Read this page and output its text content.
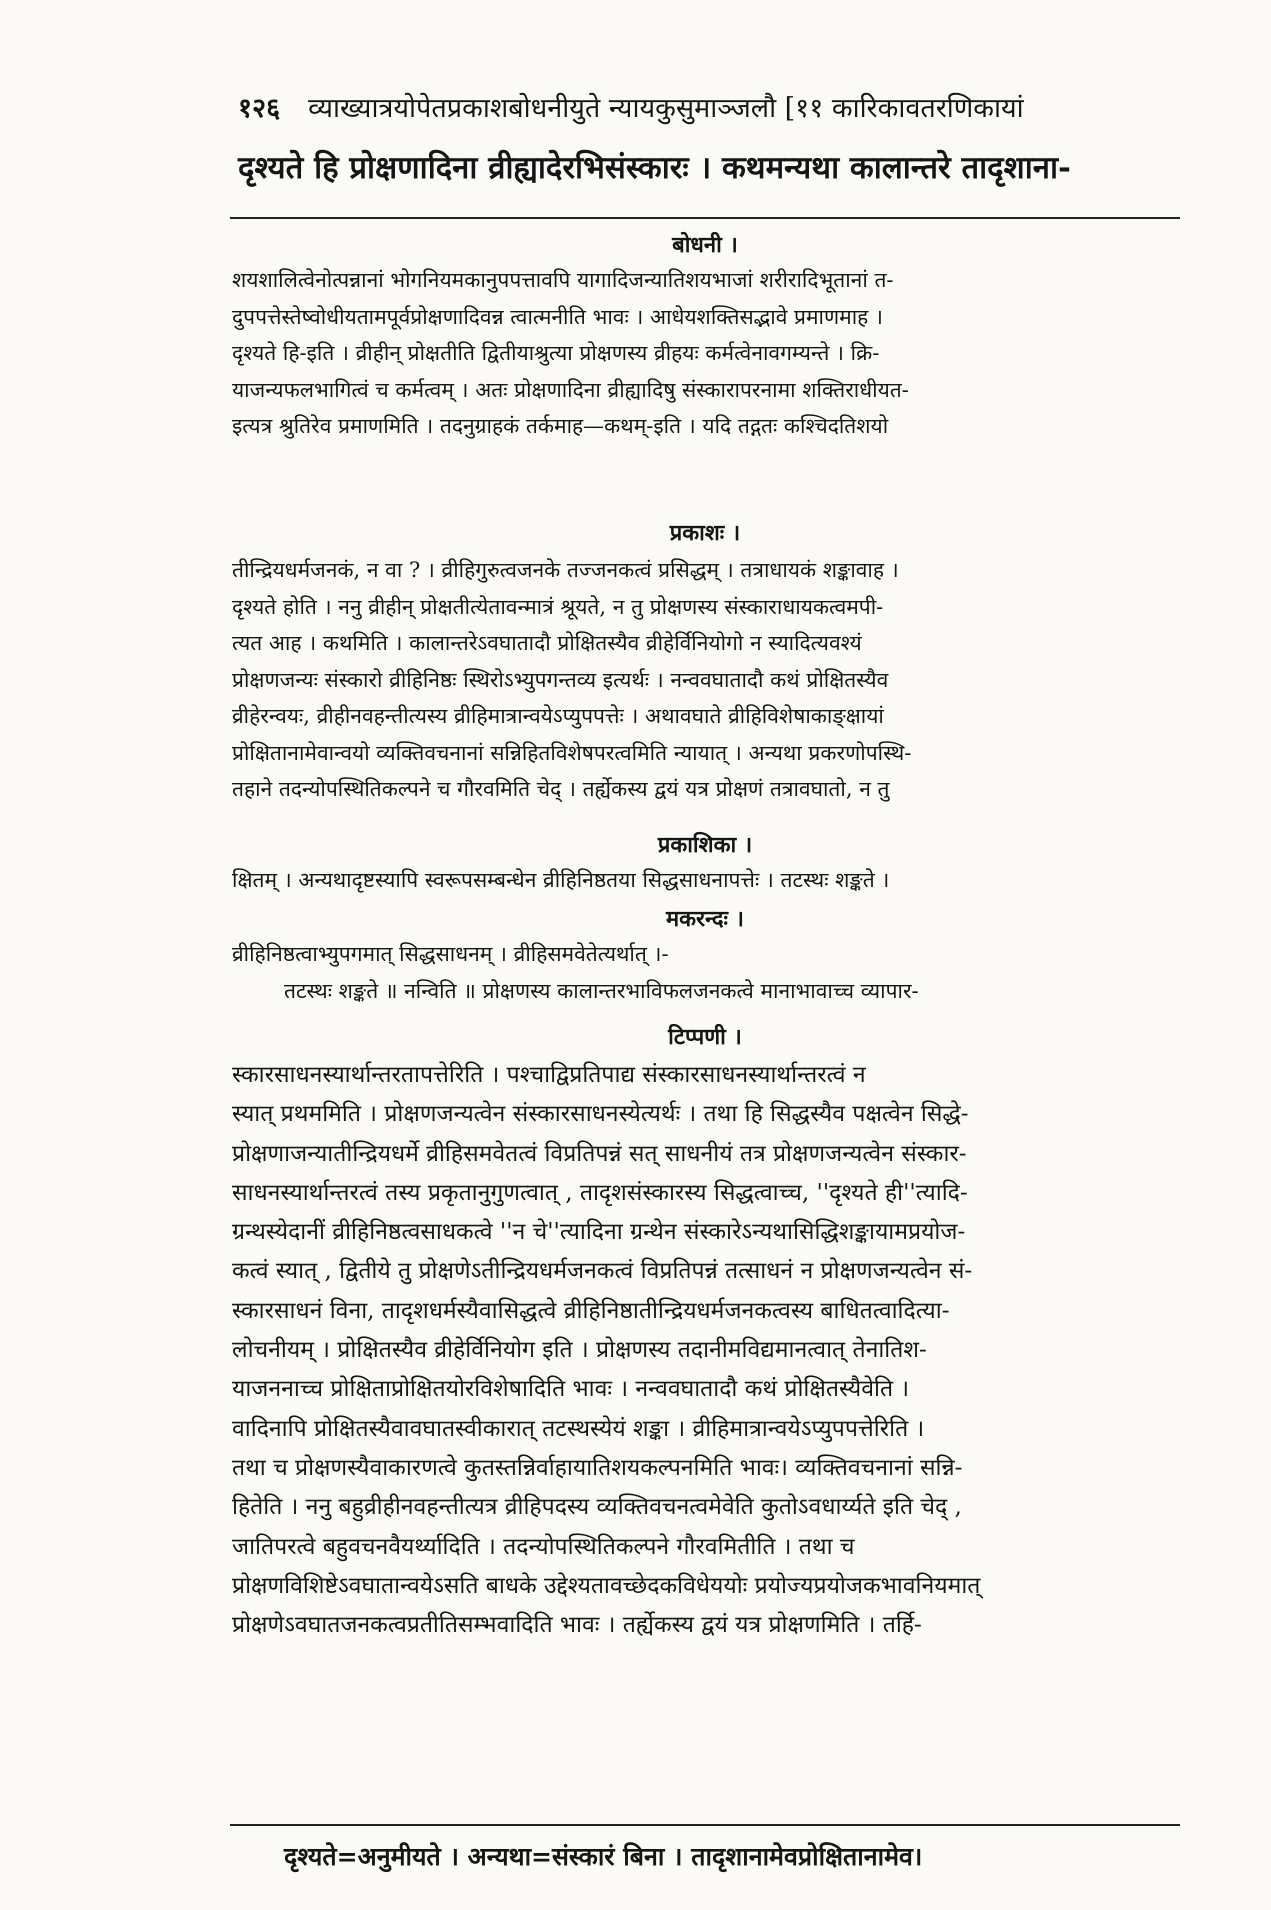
१२६ व्याख्यात्रयोपेतप्रकाशबोधनीयुते न्यायकुसुमाञ्जलौ [११ कारिकावतरणिकायां
दृश्यते हि प्रोक्षणादिना व्रीह्यादेरभिसंस्कारः । कथमन्यथा कालान्तरे तादृशाना-
बोधनी ।
शयशालित्वेनोत्पन्नानां भोगनियमकानुपपत्तावपि यागादिजन्यातिशयभाजां शरीरादिभूतानां त-
दुपपत्तेस्तेष्वोधीयतामपूर्वप्रोक्षणादिवन्न त्वात्मनीति भावः । आधेयशक्तिसद्भावे प्रमाणमाह ।
दृश्यते हि-इति । व्रीहीन् प्रोक्षतीति द्वितीयाश्रुत्या प्रोक्षणस्य व्रीहयः कर्मत्वेनावगम्यन्ते । क्रि-
याजन्यफलभागित्वं च कर्मत्वम् । अतः प्रोक्षणादिना व्रीह्यादिषु संस्कारापरनामा शक्तिराधीयत-
इत्यत्र श्रुतिरेव प्रमाणमिति । तदनुग्राहकं तर्कमाह—कथम्-इति । यदि तद्गतः कश्चिदतिशयो
प्रकाशः ।
तीन्द्रियधर्मजनकं, न वा ? । व्रीहिगुरुत्वजनके तज्जनकत्वं प्रसिद्धम् । तत्राधायकं शङ्कावाह ।
दृश्यते होति । ननु व्रीहीन् प्रोक्षतीत्येतावन्मात्रं श्रूयते, न तु प्रोक्षणस्य संस्काराधायकत्वमपी-
त्यत आह । कथमिति । कालान्तरेऽवघातादौ प्रोक्षितस्यैव व्रीहेर्विनियोगो न स्यादित्यवश्यं
प्रोक्षणजन्यः संस्कारो व्रीहिनिष्ठः स्थिरोऽभ्युपगन्तव्य इत्यर्थः । नन्ववघातादौ कथं प्रोक्षितस्यैव
व्रीहेरन्वयः, व्रीहीनवहन्तीत्यस्य व्रीहिमात्रान्वयेऽप्युपपत्तेः । अथावघाते व्रीहिविशेषाकाङ्क्षायां
प्रोक्षितानामेवान्वयो व्यक्तिवचनानां सन्निहितविशेषपरत्वमिति न्यायात् । अन्यथा प्रकरणोपस्थि-
तहाने तदन्योपस्थितिकल्पने च गौरवमिति चेद् । तर्ह्येकस्य द्वयं यत्र प्रोक्षणं तत्रावघातो, न तु
प्रकाशिका ।
क्षितम् । अन्यथादृष्टस्यापि स्वरूपसम्बन्धेन व्रीहिनिष्ठतया सिद्धसाधनापत्तेः । तटस्थः शङ्कते ।
मकरन्दः ।
व्रीहिनिष्ठत्वाभ्युपगमात् सिद्धसाधनम् । व्रीहिसमवेतेत्यर्थात् ।-
तटस्थः शङ्कते ॥ नन्विति ॥ प्रोक्षणस्य कालान्तरभाविफलजनकत्वे मानाभावाच्च व्यापार-
टिप्पणी ।
स्कारसाधनस्यार्थान्तरतापत्तेरिति । पश्चाद्विप्रतिपाद्य संस्कारसाधनस्यार्थान्तरत्वं न
स्यात् प्रथममिति । प्रोक्षणजन्यत्वेन संस्कारसाधनस्येत्यर्थः । तथा हि सिद्धस्यैव पक्षत्वेन सिद्धे-
प्रोक्षणाजन्यातीन्द्रियधर्मे व्रीहिसमवेतत्वं विप्रतिपन्नं सत् साधनीयं तत्र प्रोक्षणजन्यत्वेन संस्कार-
साधनस्यार्थान्तरत्वं तस्य प्रकृतानुगुणत्वात् , तादृशसंस्कारस्य सिद्धत्वाच्च, ''दृश्यते ही''त्यादि-
ग्रन्थस्येदानीं व्रीहिनिष्ठत्वसाधकत्वे ''न चे''त्यादिना ग्रन्थेन संस्कारेऽन्यथासिद्धिशङ्कायामप्रयोज-
कत्वं स्यात् , द्वितीये तु प्रोक्षणेऽतीन्द्रियधर्मजनकत्वं विप्रतिपन्नं तत्साधनं न प्रोक्षणजन्यत्वेन सं-
स्कारसाधनं विना, तादृशधर्मस्यैवासिद्धत्वे व्रीहिनिष्ठातीन्द्रियधर्मजनकत्वस्य बाधितत्वादित्या-
लोचनीयम् । प्रोक्षितस्यैव व्रीहेर्विनियोग इति । प्रोक्षणस्य तदानीमविद्यमानत्वात् तेनातिश-
याजननाच्च प्रोक्षिताप्रोक्षितयोरविशेषादिति भावः । नन्ववघातादौ कथं प्रोक्षितस्यैवेति ।
वादिनापि प्रोक्षितस्यैवावघातस्वीकारात् तटस्थस्येयं शङ्का । व्रीहिमात्रान्वयेऽप्युपपत्तेरिति ।
तथा च प्रोक्षणस्यैवाकारणत्वे कुतस्तन्निर्वाहायातिशयकल्पनमिति भावः। व्यक्तिवचनानां सन्नि-
हितेति । ननु बहुव्रीहीनवहन्तीत्यत्र व्रीहिपदस्य व्यक्तिवचनत्वमेवेति कुतोऽवधार्य्यते इति चेद् ,
जातिपरत्वे बहुवचनवैयर्थ्यादिति । तदन्योपस्थितिकल्पने गौरवमितीति । तथा च
प्रोक्षणविशिष्टेऽवघातान्वयेऽसति बाधके उद्देश्यतावच्छेदकविधेययोः प्रयोज्यप्रयोजकभावनियमात्
प्रोक्षणेऽवघातजनकत्वप्रतीतिसम्भवादिति भावः । तर्ह्येकस्य द्वयं यत्र प्रोक्षणमिति । तर्हि-
दृश्यते=अनुमीयते । अन्यथा=संस्कारं बिना । तादृशानामेवप्रोक्षितानामेव।
